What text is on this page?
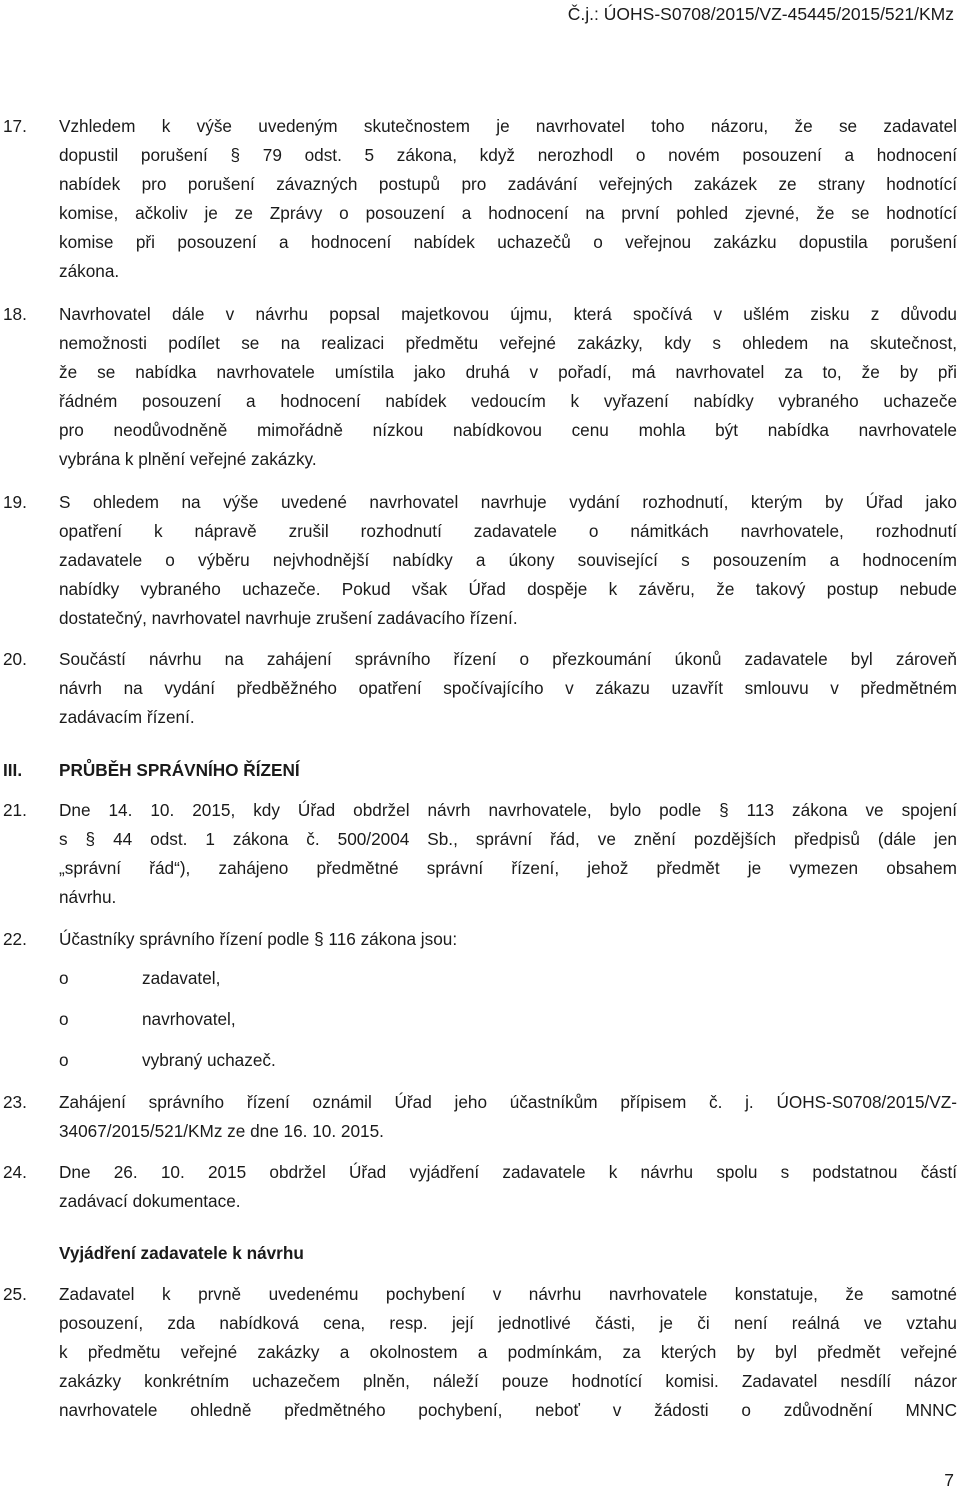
Č.j.: ÚOHS-S0708/2015/VZ-45445/2015/521/KMz
17.	Vzhledem k výše uvedeným skutečnostem je navrhovatel toho názoru, že se zadavatel
dopustil porušení § 79 odst. 5 zákona, když nerozhodl o novém posouzení a hodnocení
nabídek pro porušení závazných postupů pro zadávání veřejných zakázek ze strany hodnotící
komise, ačkoliv je ze Zprávy o posouzení a hodnocení na první pohled zjevné, že se hodnotící
komise při posouzení a hodnocení nabídek uchazečů o veřejnou zakázku dopustila porušení
zákona.
18.	Navrhovatel dále v návrhu popsal majetkovou újmu, která spočívá v ušlém zisku z důvodu
nemožnosti podílet se na realizaci předmětu veřejné zakázky, kdy s ohledem na skutečnost,
že se nabídka navrhovatele umístila jako druhá v pořadí, má navrhovatel za to, že by při
řádném posouzení a hodnocení nabídek vedoucím k vyřazení nabídky vybraného uchazeče
pro neodůvodněně mimořádně nízkou nabídkovou cenu mohla být nabídka navrhovatele
vybrána k plnění veřejné zakázky.
19.	S ohledem na výše uvedené navrhovatel navrhuje vydání rozhodnutí, kterým by Úřad jako
opatření k nápravě zrušil rozhodnutí zadavatele o námitkách navrhovatele, rozhodnutí
zadavatele o výběru nejvhodnější nabídky a úkony související s posouzením a hodnocením
nabídky vybraného uchazeče. Pokud však Úřad dospěje k závěru, že takový postup nebude
dostatečný, navrhovatel navrhuje zrušení zadávacího řízení.
20.	Součástí návrhu na zahájení správního řízení o přezkoumání úkonů zadavatele byl zároveň
návrh na vydání předběžného opatření spočívajícího v zákazu uzavřít smlouvu v předmětném
zadávacím řízení.
III. PRŮBĚH SPRÁVNÍHO ŘÍZENÍ
21.	Dne 14. 10. 2015, kdy Úřad obdržel návrh navrhovatele, bylo podle § 113 zákona ve spojení
s § 44 odst. 1 zákona č. 500/2004 Sb., správní řád, ve znění pozdějších předpisů (dále jen
„správní řád“), zahájeno předmětné správní řízení, jehož předmět je vymezen obsahem
návrhu.
22.	Účastníky správního řízení podle § 116 zákona jsou:
o	zadavatel,
o	navrhovatel,
o	vybraný uchazeč.
23.	Zahájení správního řízení oznámil Úřad jeho účastníkům přípisem č. j. ÚOHS-S0708/2015/VZ-
34067/2015/521/KMz ze dne 16. 10. 2015.
24.	Dne 26. 10. 2015 obdržel Úřad vyjádření zadavatele k návrhu spolu s podstatnou částí
zadávací dokumentace.
Vyjádření zadavatele k návrhu
25.	Zadavatel k prvně uvedenému pochybení v návrhu navrhovatele konstatuje, že samotné
posouzení, zda nabídková cena, resp. její jednotlivé části, je či není reálná ve vztahu
k předmětu veřejné zakázky a okolnostem a podmínkám, za kterých by byl předmět veřejné
zakázky konkrétním uchazečem plněn, náleží pouze hodnotící komisi. Zadavatel nesdílí názor
navrhovatele ohledně předmětného pochybení, neboť v žádosti o zdůvodnění MNNC
7
